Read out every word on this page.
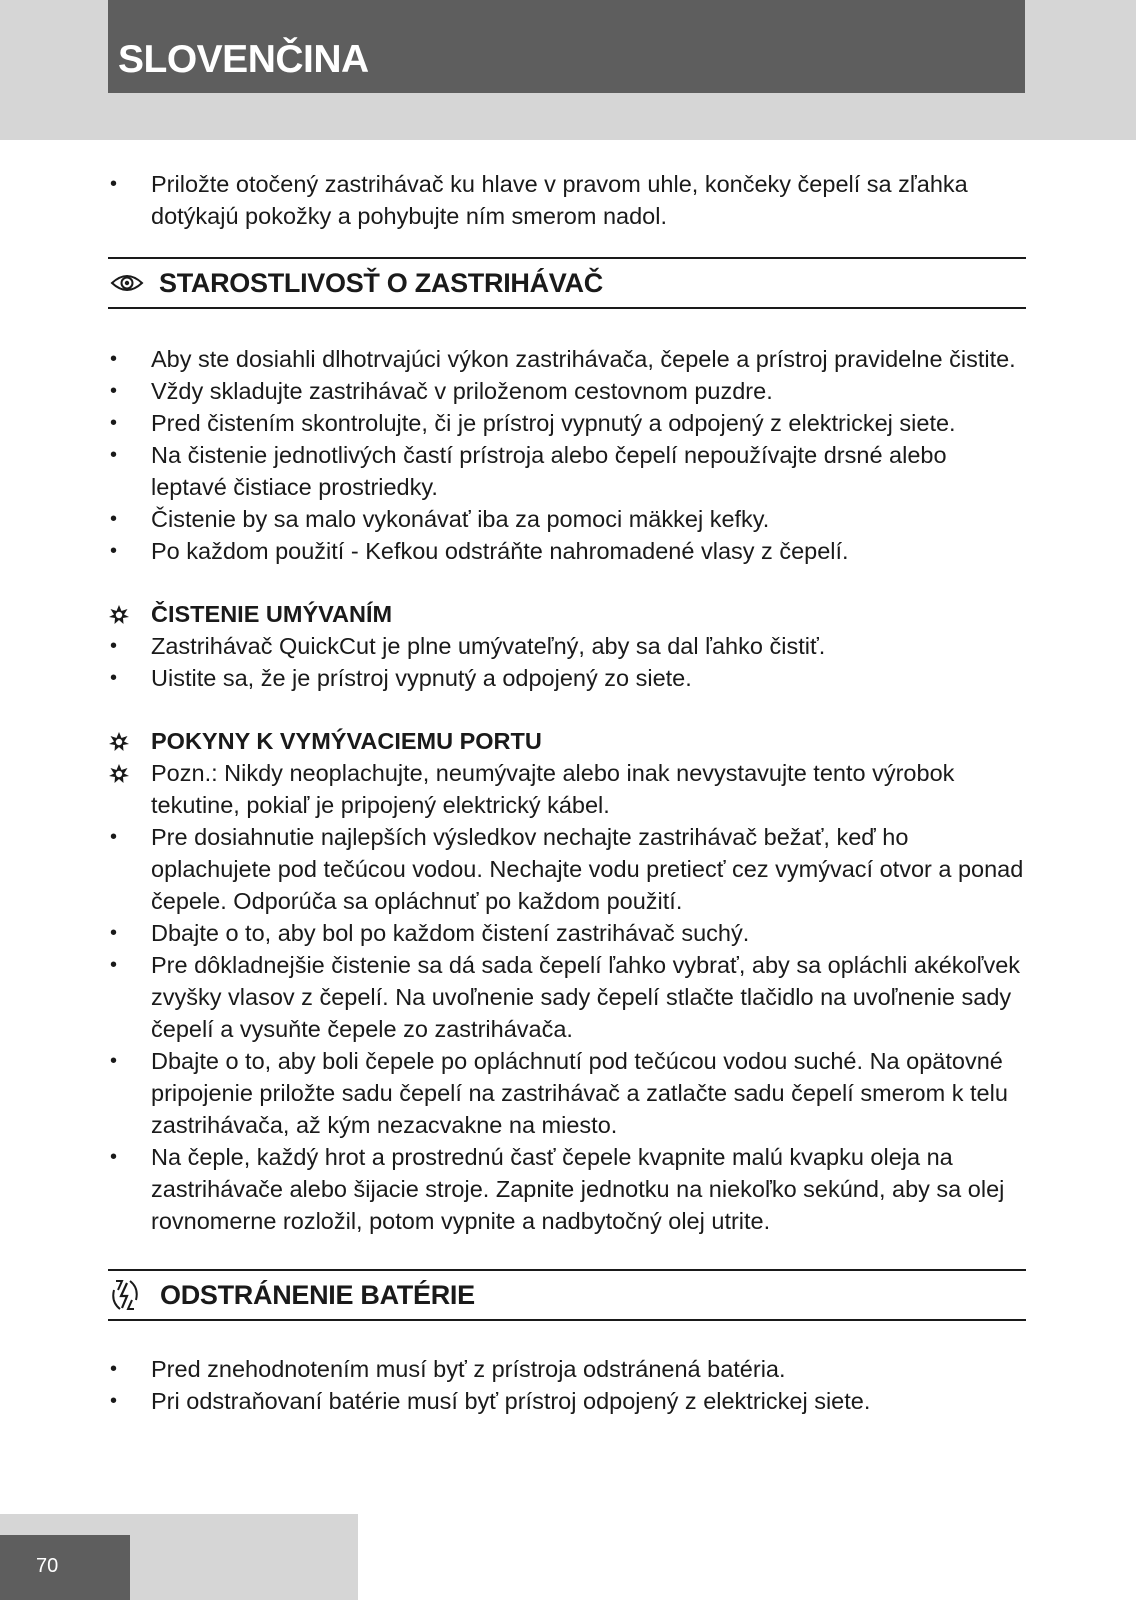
SLOVENČINA
• Priložte otočený zastrihávač ku hlave v pravom uhle, končeky čepelí sa zľahka dotýkajú pokožky a pohybujte ním smerom nadol.
STAROSTLIVOSŤ O ZASTRIHÁVAČ
• Aby ste dosiahli dlhotrvajúci výkon zastrihávača, čepele a prístroj pravidelne čistite.
• Vždy skladujte zastrihávač v priloženom cestovnom puzdre.
• Pred čistením skontrolujte, či je prístroj vypnutý a odpojený z elektrickej siete.
• Na čistenie jednotlivých častí prístroja alebo čepelí nepoužívajte drsné alebo leptavé čistiace prostriedky.
• Čistenie by sa malo vykonávať iba za pomoci mäkkej kefky.
• Po každom použití - Kefkou odstráňte nahromadené vlasy z čepelí.
ČISTENIE UMÝVANÍM
• Zastrihávač QuickCut je plne umývateľný, aby sa dal ľahko čistiť.
• Uistite sa, že je prístroj vypnutý a odpojený zo siete.
POKYNY K VYMÝVACIEMU PORTU
Pozn.: Nikdy neoplachujte, neumývajte alebo inak nevystavujte tento výrobok tekutine, pokiaľ je pripojený elektrický kábel.
• Pre dosiahnutie najlepších výsledkov nechajte zastrihávač bežať, keď ho oplachujete pod tečúcou vodou. Nechajte vodu pretiecť cez vymývací otvor a ponad čepele. Odporúča sa opláchnuť po každom použití.
• Dbajte o to, aby bol po každom čistení zastrihávač suchý.
• Pre dôkladnejšie čistenie sa dá sada čepelí ľahko vybrať, aby sa opláchli akékoľvek zvyšky vlasov z čepelí. Na uvoľnenie sady čepelí stlačte tlačidlo na uvoľnenie sady čepelí a vysuňte čepele zo zastrihávača.
• Dbajte o to, aby boli čepele po opláchnutí pod tečúcou vodou suché. Na opätovné pripojenie priložte sadu čepelí na zastrihávač a zatlačte sadu čepelí smerom k telu zastrihávača, až kým nezacvakne na miesto.
• Na čeple, každý hrot a prostrednú časť čepele kvapnite malú kvapku oleja na zastrihávače alebo šijacie stroje. Zapnite jednotku na niekoľko sekúnd, aby sa olej rovnomerne rozložil, potom vypnite a nadbytočný olej utrite.
ODSTRÁNENIE BATÉRIE
• Pred znehodnotením musí byť z prístroja odstránená batéria.
• Pri odstraňovaní batérie musí byť prístroj odpojený z elektrickej siete.
70
